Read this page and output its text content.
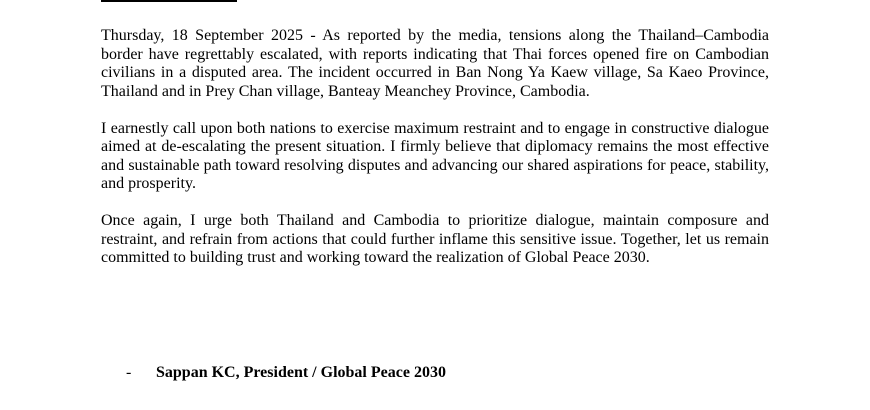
Thursday, 18 September 2025 - As reported by the media, tensions along the Thailand–Cambodia border have regrettably escalated, with reports indicating that Thai forces opened fire on Cambodian civilians in a disputed area. The incident occurred in Ban Nong Ya Kaew village, Sa Kaeo Province, Thailand and in Prey Chan village, Banteay Meanchey Province, Cambodia.

I earnestly call upon both nations to exercise maximum restraint and to engage in constructive dialogue aimed at de-escalating the present situation. I firmly believe that diplomacy remains the most effective and sustainable path toward resolving disputes and advancing our shared aspirations for peace, stability, and prosperity.

Once again, I urge both Thailand and Cambodia to prioritize dialogue, maintain composure and restraint, and refrain from actions that could further inflame this sensitive issue. Together, let us remain committed to building trust and working toward the realization of Global Peace 2030.

- Sappan KC, President / Global Peace 2030
